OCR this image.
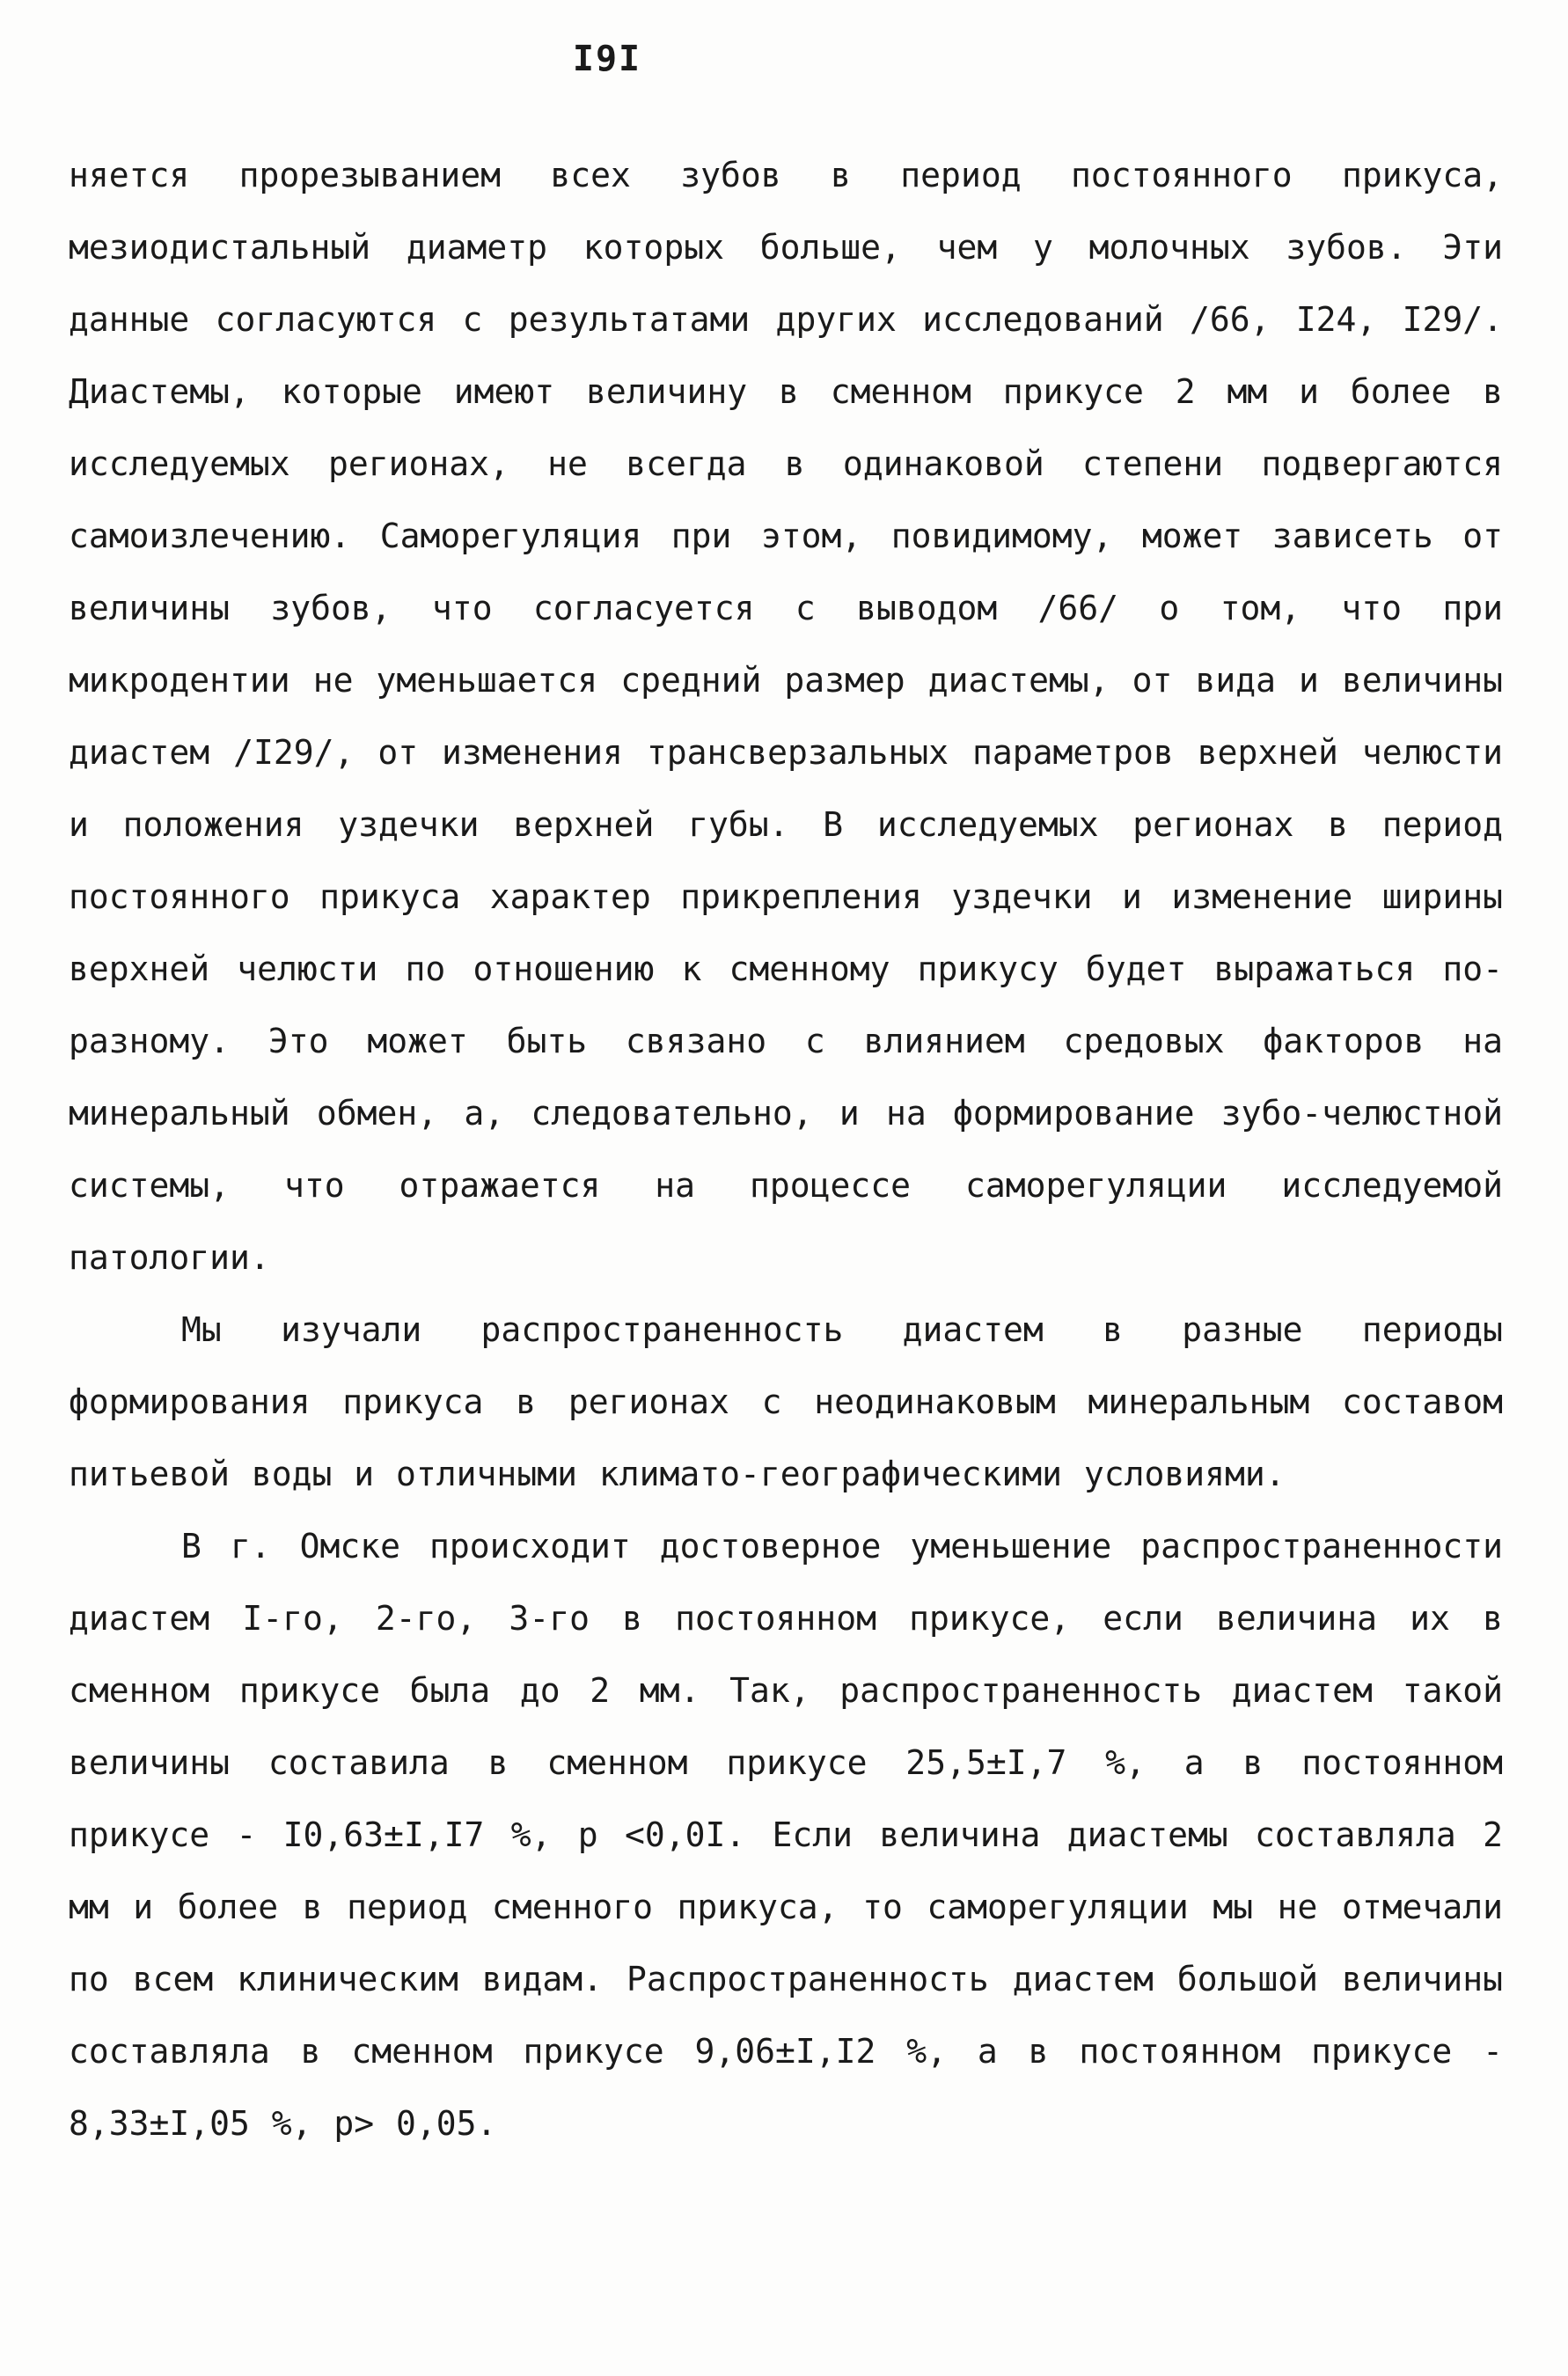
I9I

няется прорезыванием всех зубов в период постоянного прикуса, мезиодистальный диаметр которых больше, чем у молочных зубов. Эти данные согласуются с результатами других исследований /66, I24, I29/. Диастемы, которые имеют величину в сменном прикусе 2 мм и более в исследуемых регионах, не всегда в одинаковой степени подвергаются самоизлечению. Саморегуляция при этом, повидимому, может зависеть от величины зубов, что согласуется с выводом /66/ о том, что при микродентии не уменьшается средний размер диастемы, от вида и величины диастем /I29/, от изменения трансверзальных параметров верхней челюсти и положения уздечки верхней губы. В исследуемых регионах в период постоянного прикуса характер прикрепления уздечки и изменение ширины верхней челюсти по отношению к сменному прикусу будет выражаться по-разному. Это может быть связано с влиянием средовых факторов на минеральный обмен, а, следовательно, и на формирование зубо-челюстной системы, что отражается на процессе саморегуляции исследуемой патологии.

Мы изучали распространенность диастем в разные периоды формирования прикуса в регионах с неодинаковым минеральным составом питьевой воды и отличными климато-географическими условиями.

В г. Омске происходит достоверное уменьшение распространенности диастем I-го, 2-го, 3-го в постоянном прикусе, если величина их в сменном прикусе была до 2 мм. Так, распространенность диастем такой величины составила в сменном прикусе 25,5±I,7 %, а в постоянном прикусе - I0,63±I,I7 %, р <0,0I. Если величина диастемы составляла 2 мм и более в период сменного прикуса, то саморегуляции мы не отмечали по всем клиническим видам. Распространенность диастем большой величины составляла в сменном прикусе 9,06±I,I2 %, а в постоянном прикусе - 8,33±I,05 %, р> 0,05.
